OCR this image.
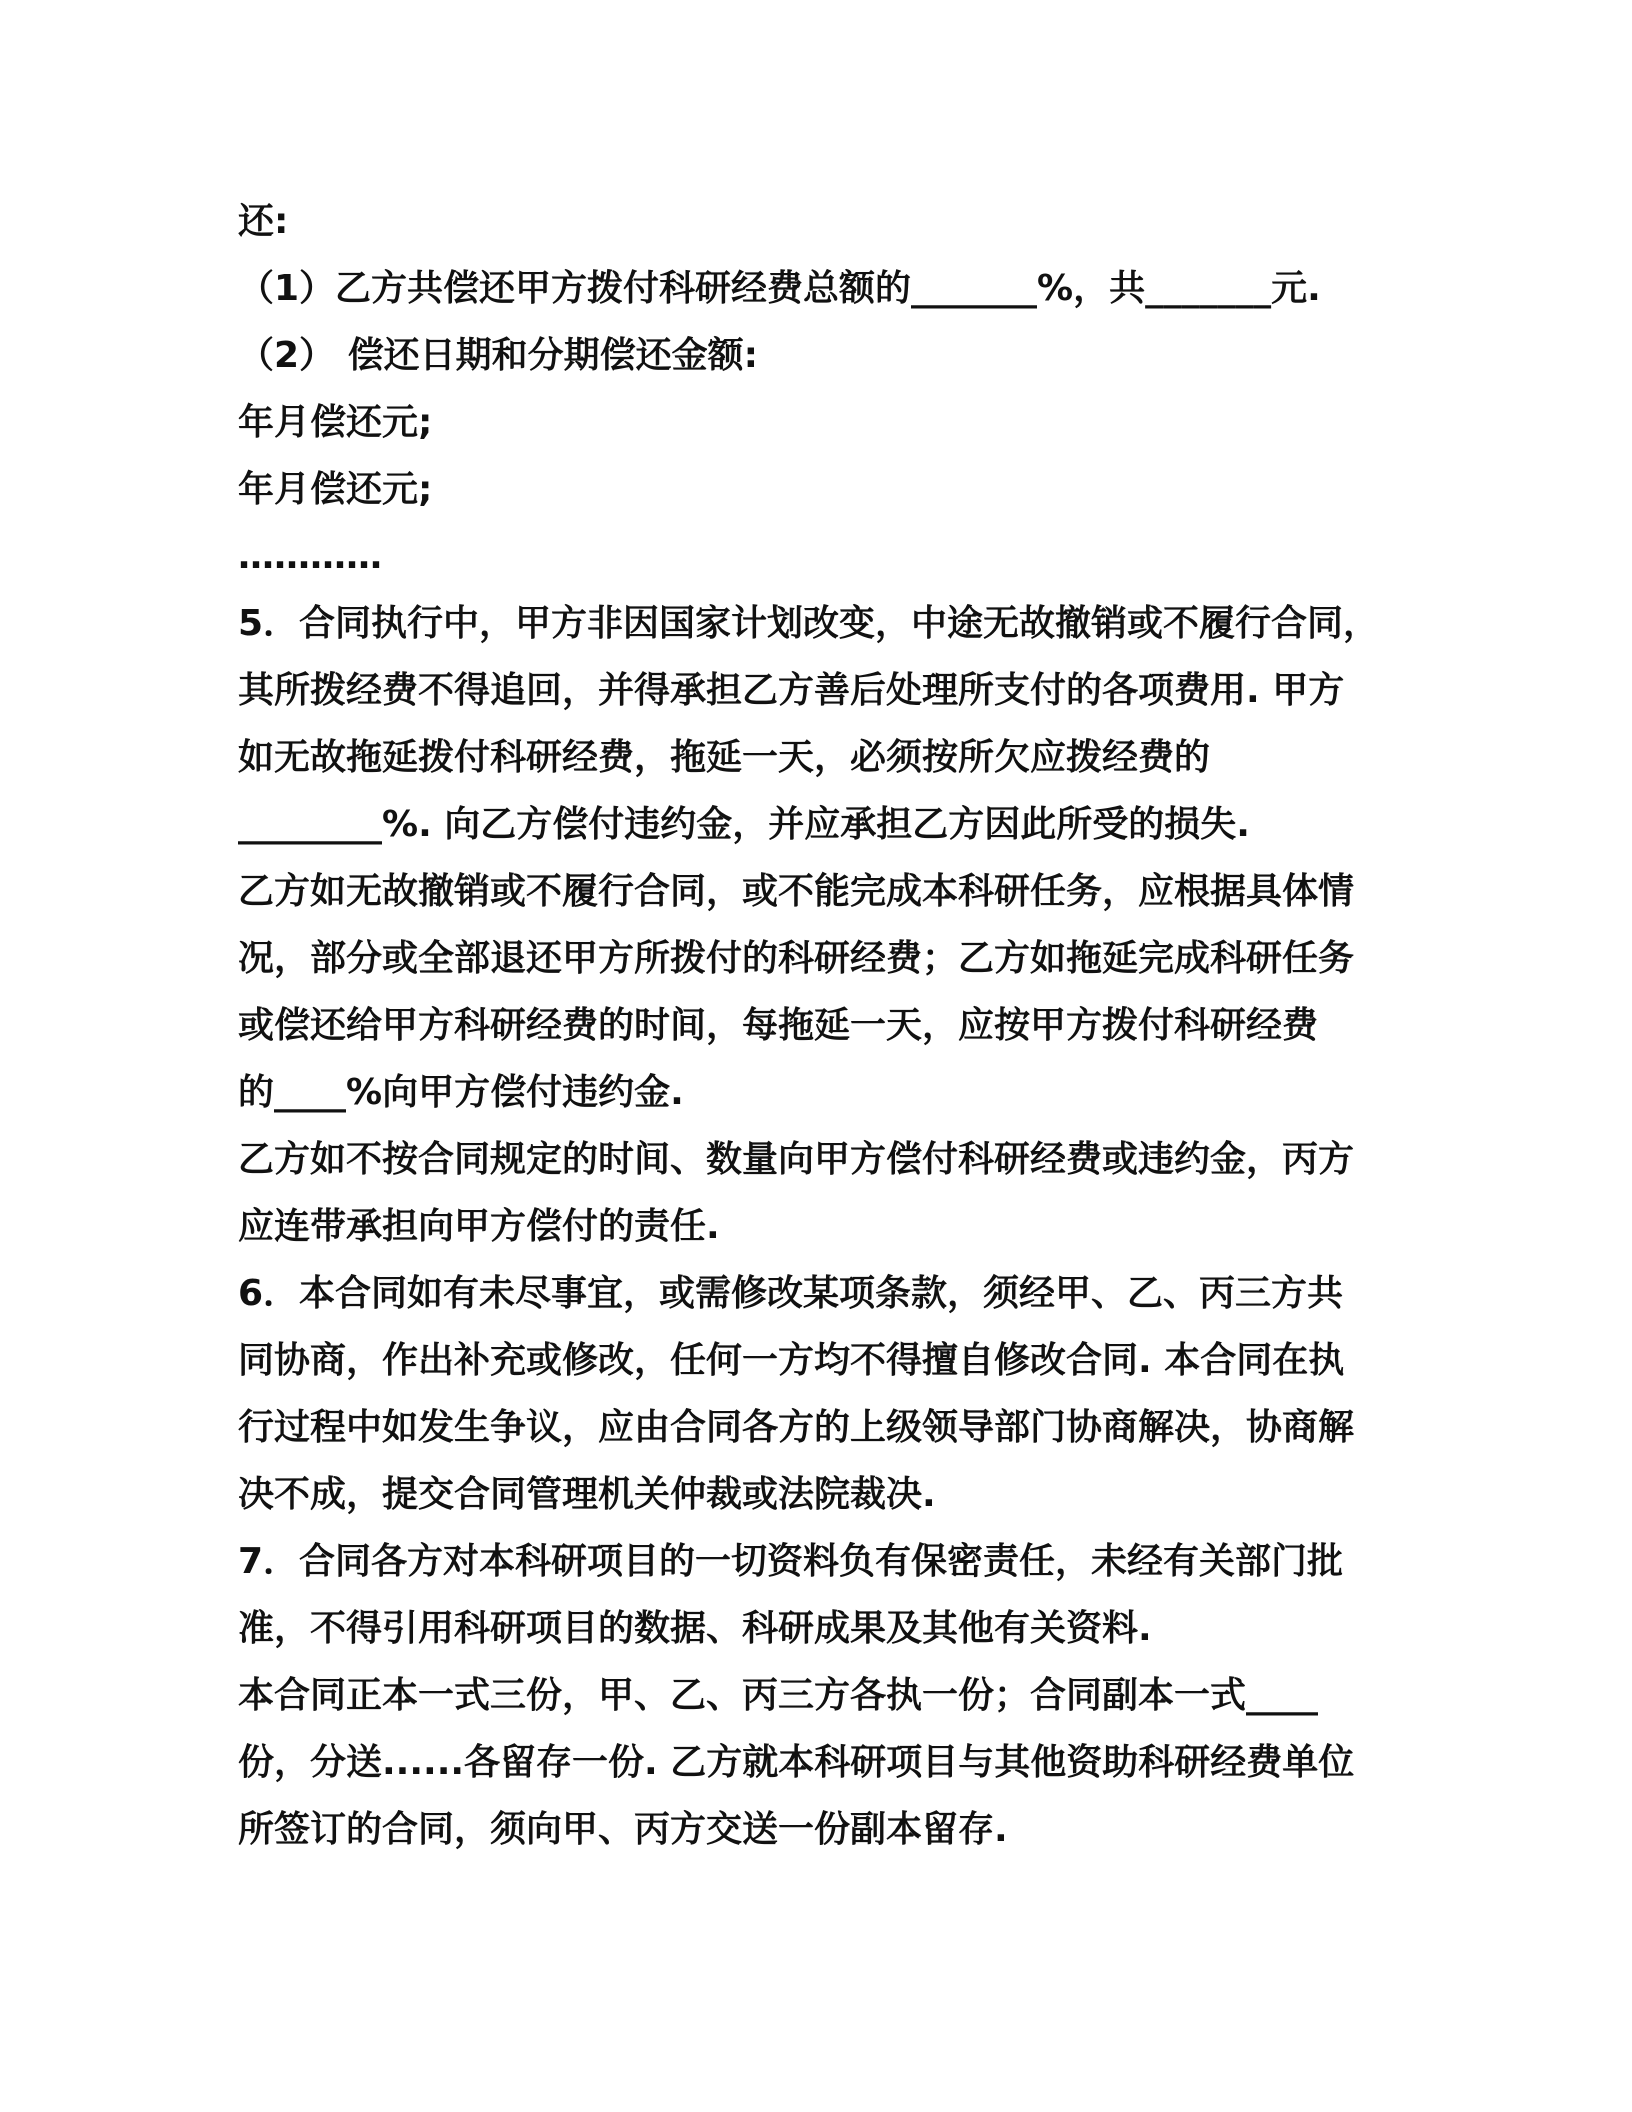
还:
（1）乙方共偿还甲方拨付科研经费总额的_______%，共_______元.
（2） 偿还日期和分期偿还金额:
年月偿还元;
年月偿还元;
…………
5．合同执行中，甲方非因国家计划改变，中途无故撤销或不履行合同，
其所拨经费不得追回，并得承担乙方善后处理所支付的各项费用. 甲方
如无故拖延拨付科研经费，拖延一天，必须按所欠应拨经费的
________%. 向乙方偿付违约金，并应承担乙方因此所受的损失.
乙方如无故撤销或不履行合同，或不能完成本科研任务，应根据具体情
况，部分或全部退还甲方所拨付的科研经费；乙方如拖延完成科研任务
或偿还给甲方科研经费的时间，每拖延一天，应按甲方拨付科研经费
的____%向甲方偿付违约金.
乙方如不按合同规定的时间、数量向甲方偿付科研经费或违约金，丙方
应连带承担向甲方偿付的责任.
6．本合同如有未尽事宜，或需修改某项条款，须经甲、乙、丙三方共
同协商，作出补充或修改，任何一方均不得擅自修改合同. 本合同在执
行过程中如发生争议，应由合同各方的上级领导部门协商解决，协商解
决不成，提交合同管理机关仲裁或法院裁决.
7．合同各方对本科研项目的一切资料负有保密责任，未经有关部门批
准，不得引用科研项目的数据、科研成果及其他有关资料.
本合同正本一式三份，甲、乙、丙三方各执一份；合同副本一式____
份，分送......各留存一份. 乙方就本科研项目与其他资助科研经费单位
所签订的合同，须向甲、丙方交送一份副本留存.
